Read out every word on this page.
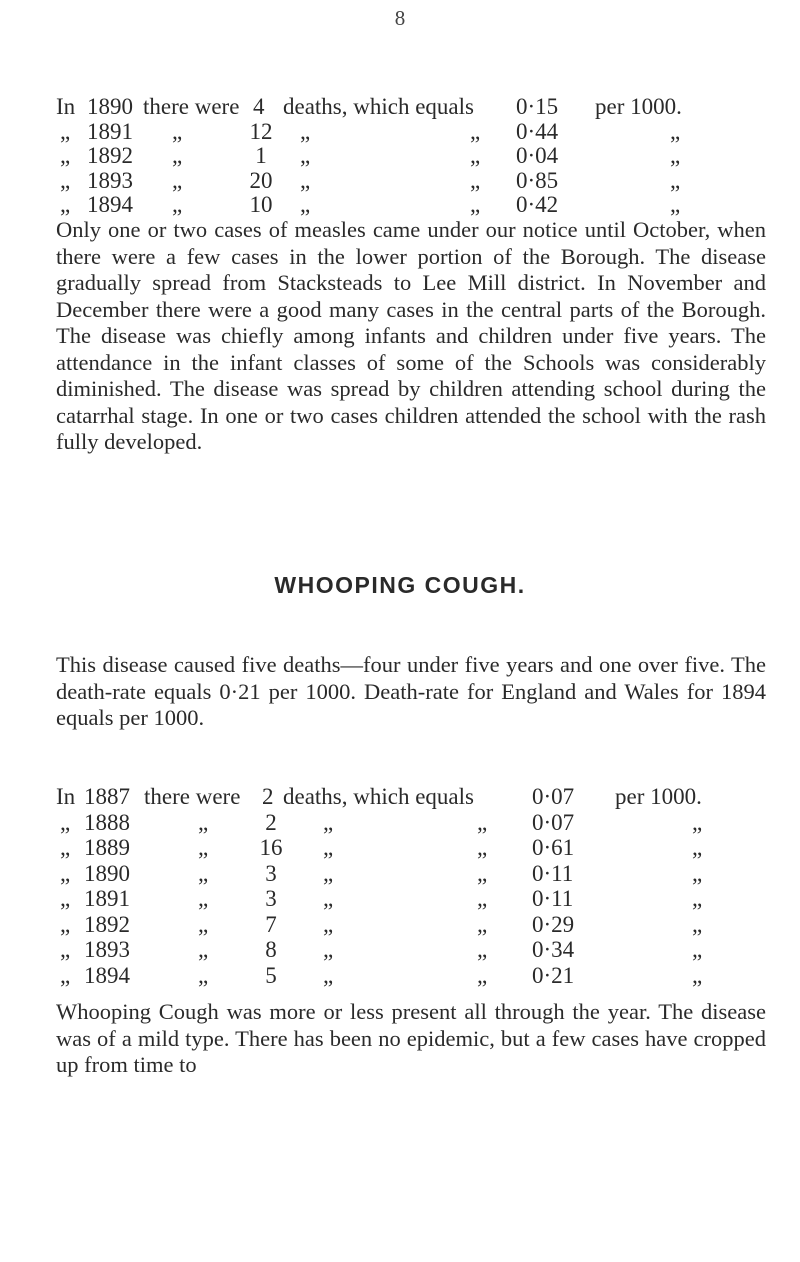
8
In 1890 there were 4 deaths, which equals 0·15 per 1000.
„ 1891 „	12 „	„ 0·44	„
„ 1892 „	1	„	„ 0·04	„
„ 1893 „	20 „	„ 0·85	„
„ 1894 „	10 „	„ 0·42	„
Only one or two cases of measles came under our notice until October, when there were a few cases in the lower portion of the Borough. The disease gradually spread from Stacksteads to Lee Mill district. In November and December there were a good many cases in the central parts of the Borough. The disease was chiefly among infants and children under five years. The attendance in the infant classes of some of the Schools was considerably diminished. The disease was spread by children attending school during the catarrhal stage. In one or two cases children attended the school with the rash fully developed.
WHOOPING COUGH.
This disease caused five deaths—four under five years and one over five. The death-rate equals 0·21 per 1000. Death-rate for England and Wales for 1894 equals per 1000.
In 1887 there were 2 deaths, which equals	0·07 per 1000.
„ 1888	„	2	„	„ 0·07	„
„ 1889	„ 16 „	„ 0·61	„
„ 1890	„	3	„	„ 0·11	„
„ 1891	„	3	„	„ 0·11	„
„ 1892	„	7	„	„ 0·29	„
„ 1893	„	8	„	„ 0·34	„
„ 1894	„	5	„	„ 0·21	„
Whooping Cough was more or less present all through the year. The disease was of a mild type. There has been no epidemic, but a few cases have cropped up from time to
